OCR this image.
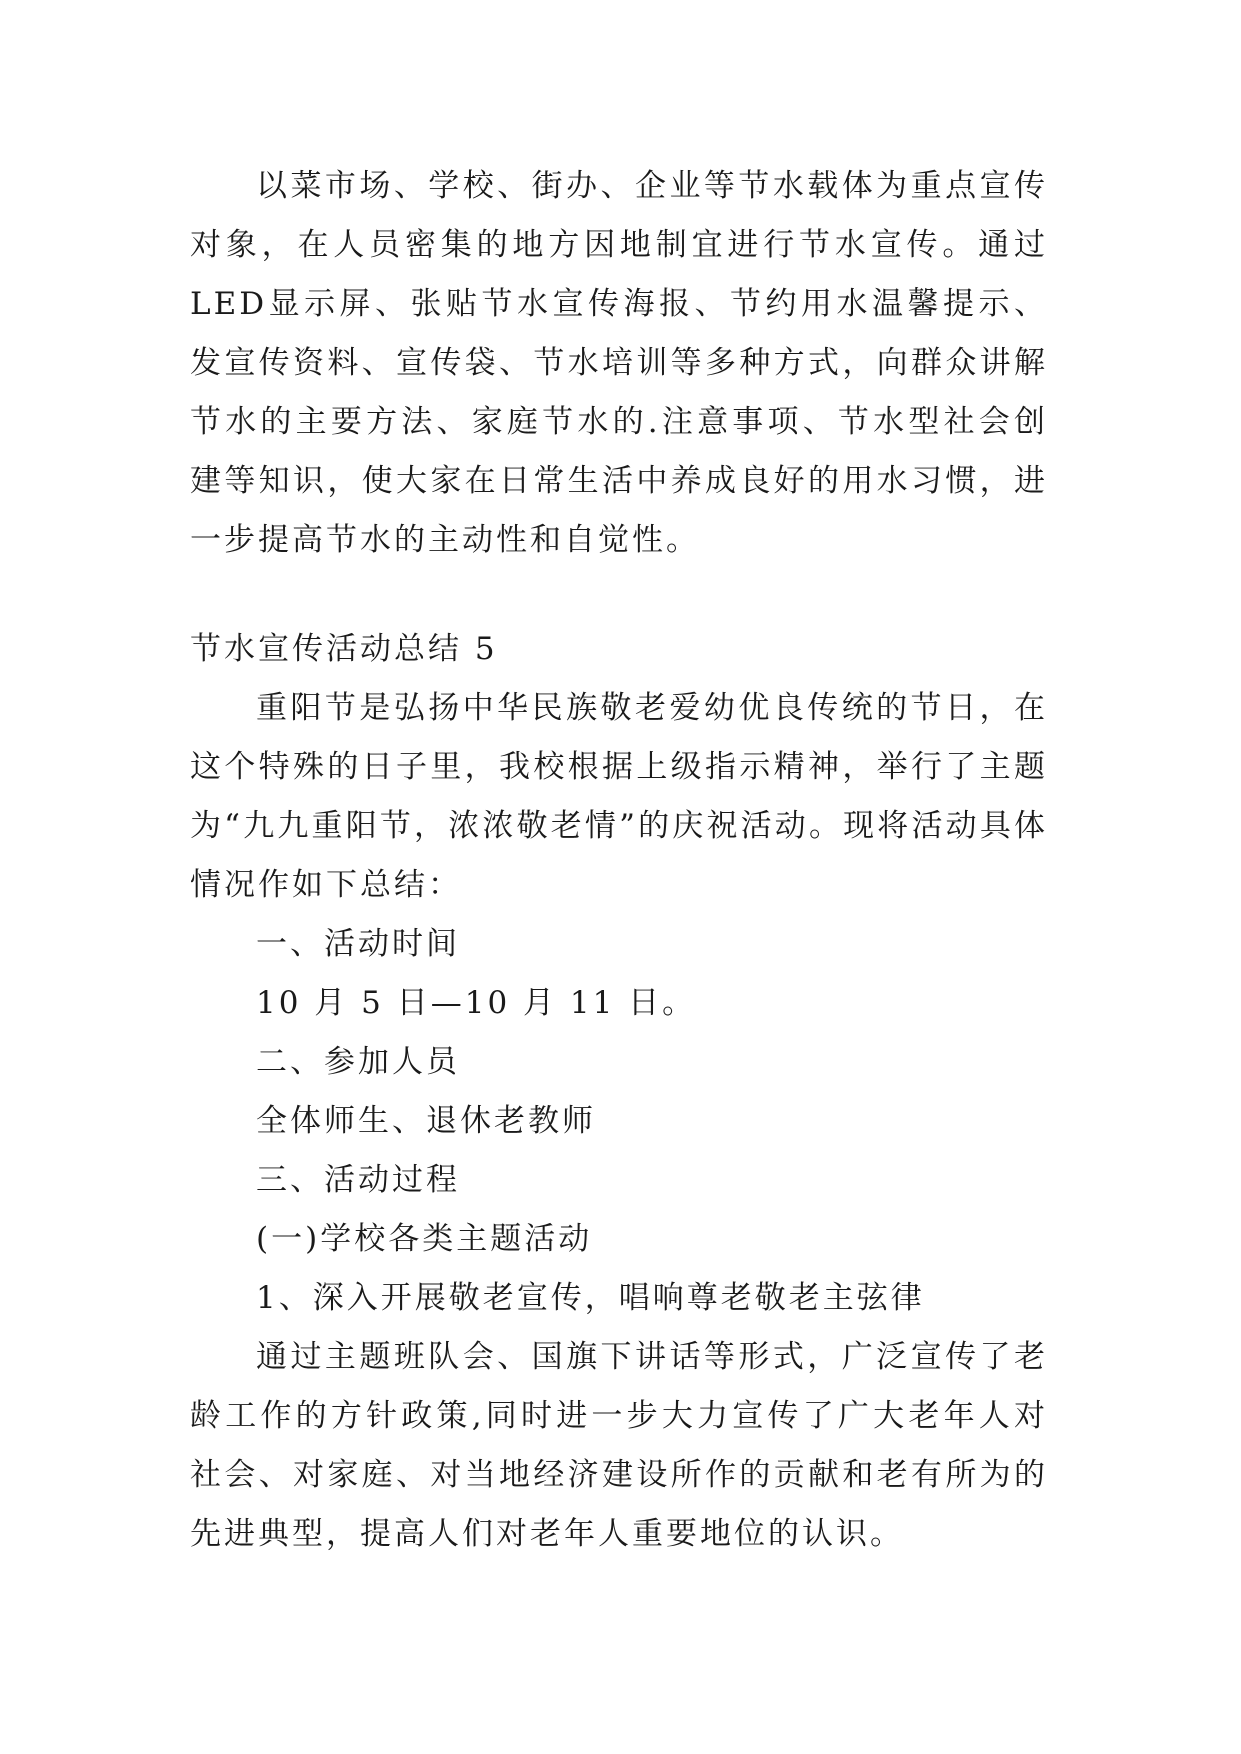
以菜市场、学校、街办、企业等节水载体为重点宣传对象，在人员密集的地方因地制宜进行节水宣传。通过LED显示屏、张贴节水宣传海报、节约用水温馨提示、发宣传资料、宣传袋、节水培训等多种方式，向群众讲解节水的主要方法、家庭节水的.注意事项、节水型社会创建等知识，使大家在日常生活中养成良好的用水习惯，进一步提高节水的主动性和自觉性。

节水宣传活动总结 5

重阳节是弘扬中华民族敬老爱幼优良传统的节日，在这个特殊的日子里，我校根据上级指示精神，举行了主题为“九九重阳节，浓浓敬老情”的庆祝活动。现将活动具体情况作如下总结：

一、活动时间

10 月 5 日—10 月 11 日。

二、参加人员

全体师生、退休老教师

三、活动过程

(一)学校各类主题活动

1、深入开展敬老宣传，唱响尊老敬老主弦律

通过主题班队会、国旗下讲话等形式，广泛宣传了老龄工作的方针政策,同时进一步大力宣传了广大老年人对社会、对家庭、对当地经济建设所作的贡献和老有所为的先进典型，提高人们对老年人重要地位的认识。
